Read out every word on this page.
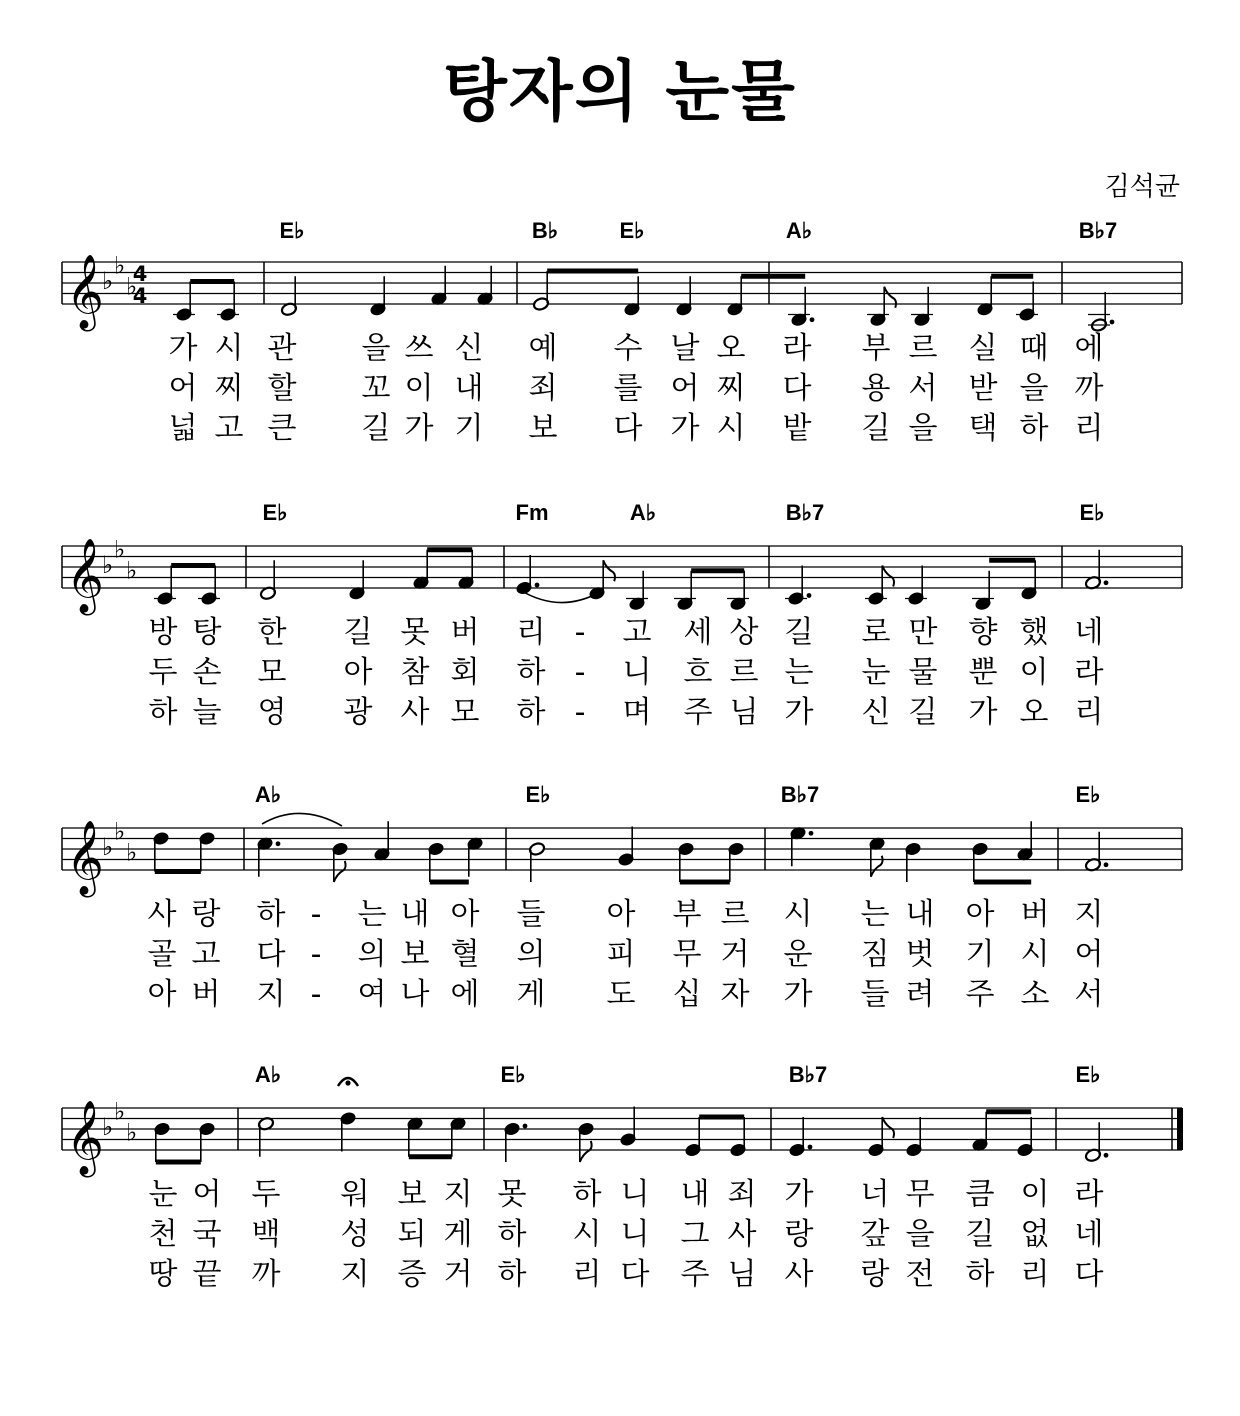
탕자의 눈물
김석균
E♭	B♭	E♭	A♭	B♭7
𝄞
♭
♭
♭
4
4
가 시 관 을 쓰 신 예 수 날 오 라 부 르 실 때 에
어 찌 할 꼬 이 내 죄 를 어 찌 다 용 서 받 을 까
넓 고 큰 길 가 기 보 다 가 시 밭 길 을 택 하 리
E♭	Fm	A♭	B♭7	E♭
𝄞
♭
♭
♭
방 탕 한 길 못 버 리 - 고 세 상 길 로 만 향 했 네
두 손 모 아 참 회 하 - 니 흐 르 는 눈 물 뿐 이 라
하 늘 영 광 사 모 하 - 며 주 님 가 신 길 가 오 리
A♭	E♭	B♭7	E♭
𝄞
♭
♭
♭
사 랑 하 - 는 내 아 들 아 부 르 시 는 내 아 버 지
골 고 다 - 의 보 혈 의 피 무 거 운 짐 벗 기 시 어
아 버 지 - 여 나 에 게 도 십 자 가 들 려 주 소 서
A♭	E♭	B♭7	E♭
𝄞
♭
♭
♭
눈 어 두 워 보 지 못 하 니 내 죄 가 너 무 큼 이 라
천 국 백 성 되 게 하 시 니 그 사 랑 갚 을 길 없 네
땅 끝 까 지 증 거 하 리 다 주 님 사 랑 전 하 리 다
